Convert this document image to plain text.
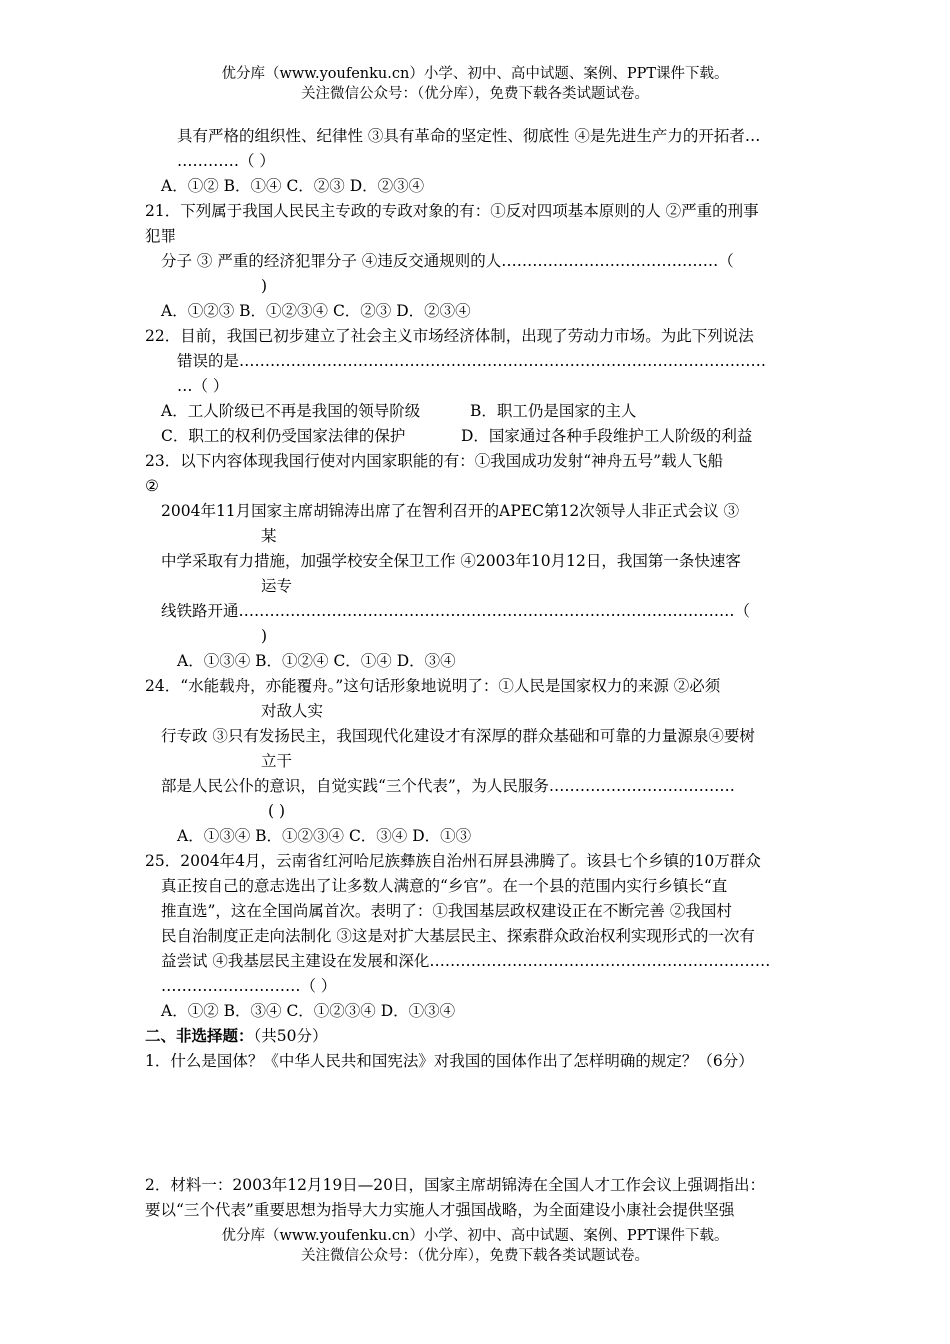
优分库（www.youfenku.cn）小学、初中、高中试题、案例、PPT课件下载。
关注微信公众号：（优分库），免费下载各类试题试卷。
具有严格的组织性、纪律性 ③具有革命的坚定性、彻底性 ④是先进生产力的开拓者…
…………（ ）
A．①② B．①④ C．②③ D．②③④
21．下列属于我国人民民主专政的专政对象的有：①反对四项基本原则的人 ②严重的刑事
犯罪
分子 ③ 严重的经济犯罪分子 ④违反交通规则的人……………………………………（
)
A．①②③ B．①②③④ C．②③ D．②③④
22．目前，我国已初步建立了社会主义市场经济体制，出现了劳动力市场。为此下列说法
错误的是…………………………………………………………………………………………
…（ ）
A．工人阶级已不再是我国的领导阶级	B．职工仍是国家的主人
C．职工的权利仍受国家法律的保护	D．国家通过各种手段维护工人阶级的利益
23．以下内容体现我国行使对内国家职能的有：①我国成功发射“神舟五号”载人飞船
②
2004年11月国家主席胡锦涛出席了在智利召开的APEC第12次领导人非正式会议 ③
某
中学采取有力措施，加强学校安全保卫工作 ④2003年10月12日，我国第一条快速客
运专
线铁路开通……………………………………………………………………………………（
)
A．①③④ B．①②④ C．①④ D．③④
24．“水能载舟，亦能覆舟。”这句话形象地说明了：①人民是国家权力的来源 ②必须
对敌人实
行专政 ③只有发扬民主，我国现代化建设才有深厚的群众基础和可靠的力量源泉④要树
立干
部是人民公仆的意识，自觉实践“三个代表”，为人民服务………………………………
( )
A．①③④ B．①②③④ C．③④ D．①③
25．2004年4月，云南省红河哈尼族彝族自治州石屏县沸腾了。该县七个乡镇的10万群众
真正按自己的意志选出了让多数人满意的“乡官”。在一个县的范围内实行乡镇长“直
推直选”，这在全国尚属首次。表明了：①我国基层政权建设正在不断完善 ②我国村
民自治制度正走向法制化 ③这是对扩大基层民主、探索群众政治权利实现形式的一次有
益尝试 ④我基层民主建设在发展和深化…………………………………………………………
………………………（ ）
A．①② B．③④ C．①②③④ D．①③④
二、非选择题：（共50分）
1．什么是国体？《中华人民共和国宪法》对我国的国体作出了怎样明确的规定？（6分）
2．材料一：2003年12月19日—20日，国家主席胡锦涛在全国人才工作会议上强调指出：
要以“三个代表”重要思想为指导大力实施人才强国战略，为全面建设小康社会提供坚强
优分库（www.youfenku.cn）小学、初中、高中试题、案例、PPT课件下载。
关注微信公众号：（优分库），免费下载各类试题试卷。
